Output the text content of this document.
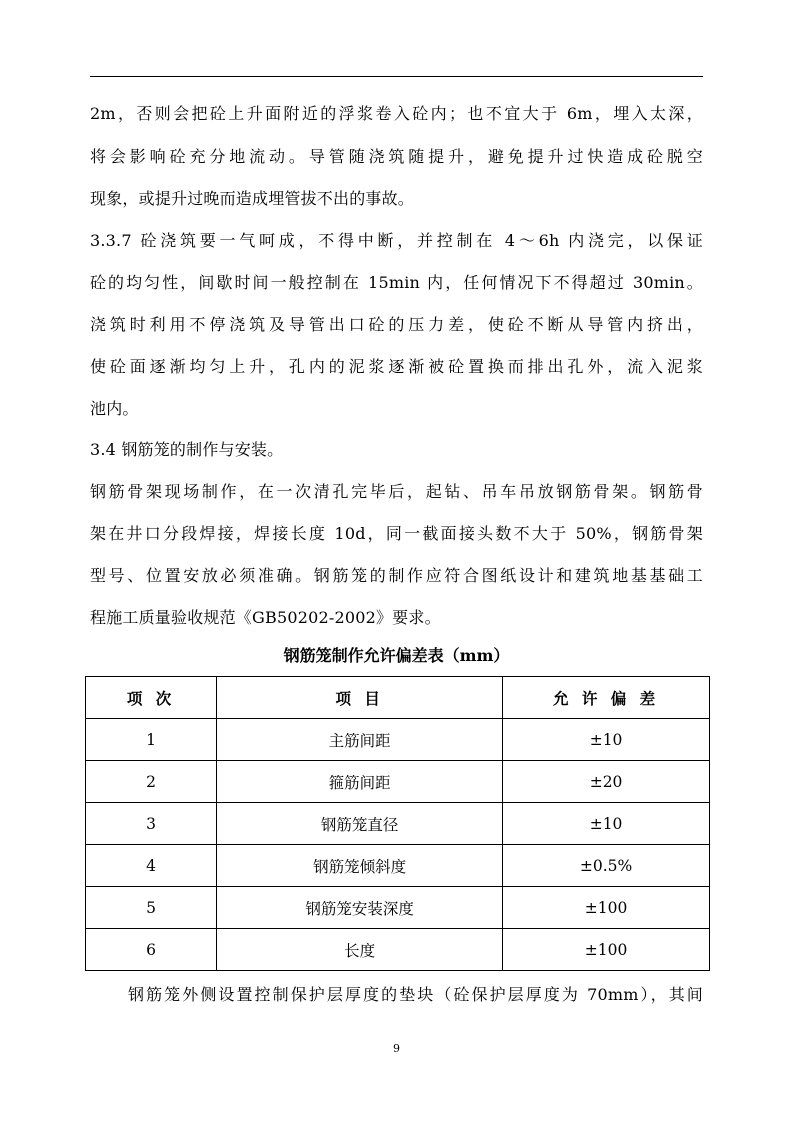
2m，否则会把砼上升面附近的浮浆卷入砼内；也不宜大于 6m，埋入太深，
将会影响砼充分地流动。导管随浇筑随提升，避免提升过快造成砼脱空
现象，或提升过晚而造成埋管拔不出的事故。
3.3.7 砼浇筑要一气呵成，不得中断，并控制在 4～6h 内浇完，以保证
砼的均匀性，间歇时间一般控制在 15min 内，任何情况下不得超过 30min。
浇筑时利用不停浇筑及导管出口砼的压力差，使砼不断从导管内挤出，
使砼面逐渐均匀上升，孔内的泥浆逐渐被砼置换而排出孔外，流入泥浆
池内。
3.4 钢筋笼的制作与安装。
钢筋骨架现场制作，在一次清孔完毕后，起钻、吊车吊放钢筋骨架。钢筋骨
架在井口分段焊接，焊接长度 10d，同一截面接头数不大于 50%，钢筋骨架
型号、位置安放必须准确。钢筋笼的制作应符合图纸设计和建筑地基基础工
程施工质量验收规范《GB50202-2002》要求。
钢筋笼制作允许偏差表（mm）
项 次	项 目	允 许 偏 差
1	主筋间距	±10
2	箍筋间距	±20
3	钢筋笼直径	±10
4	钢筋笼倾斜度	±0.5%
5	钢筋笼安装深度	±100
6	长度	±100
钢筋笼外侧设置控制保护层厚度的垫块（砼保护层厚度为 70mm），其间
9
